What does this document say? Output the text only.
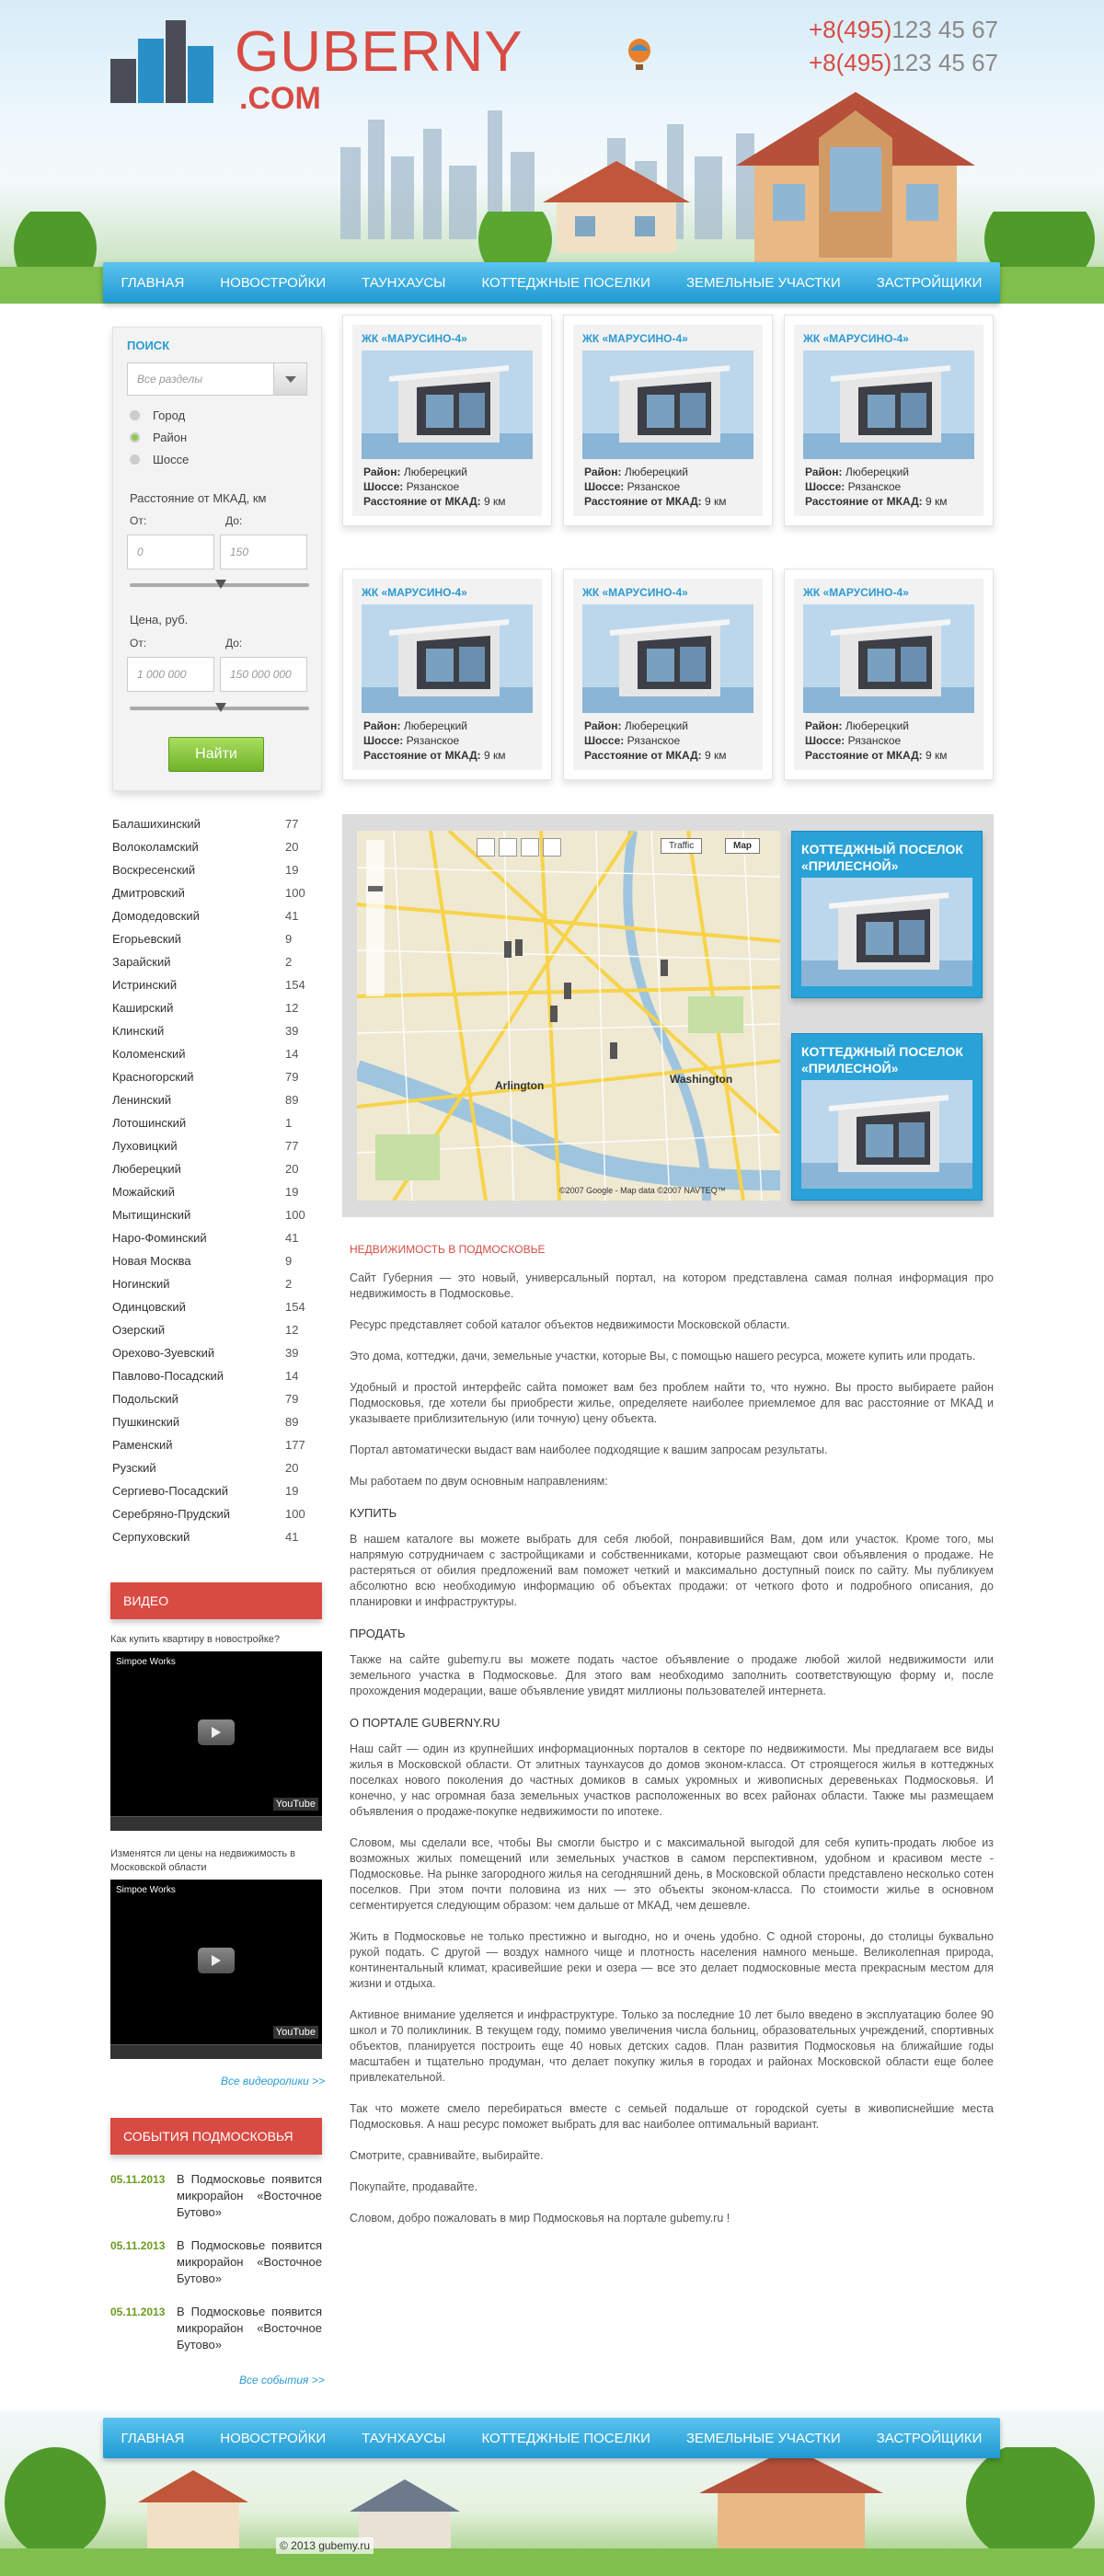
GUBERNY
.COM
+8(495)123 45 67
+8(495)123 45 67
ГЛАВНАЯ	НОВОСТРОЙКИ	ТАУНХАУСЫ	КОТТЕДЖНЫЕ ПОСЕЛКИ	ЗЕМЕЛЬНЫЕ УЧАСТКИ	ЗАСТРОЙЩИКИ
ПОИСК
Все разделы
Город
Район
Шоссе
Расстояние от МКАД, км
От:	До:
0	150
Цена, руб.
От:	До:
1 000 000	150 000 000
Найти
ЖК «МАРУСИНО-4»
Район: Люберецкий
Шоссе: Рязанское
Расстояние от МКАД: 9 км
ЖК «МАРУСИНО-4»
Район: Люберецкий
Шоссе: Рязанское
Расстояние от МКАД: 9 км
ЖК «МАРУСИНО-4»
Район: Люберецкий
Шоссе: Рязанское
Расстояние от МКАД: 9 км
ЖК «МАРУСИНО-4»
Район: Люберецкий
Шоссе: Рязанское
Расстояние от МКАД: 9 км
ЖК «МАРУСИНО-4»
Район: Люберецкий
Шоссе: Рязанское
Расстояние от МКАД: 9 км
ЖК «МАРУСИНО-4»
Район: Люберецкий
Шоссе: Рязанское
Расстояние от МКАД: 9 км
Балашихинский	77
Волоколамский	20
Воскресенский	19
Дмитровский	100
Домодедовский	41
Егорьевский	9
Зарайский	2
Истринский	154
Каширский	12
Клинский	39
Коломенский	14
Красногорский	79
Ленинский	89
Лотошинский	1
Луховицкий	77
Люберецкий	20
Можайский	19
Мытищинский	100
Наро-Фоминский	41
Новая Москва	9
Ногинский	2
Одинцовский	154
Озерский	12
Орехово-Зуевский	39
Павлово-Посадский	14
Подольский	79
Пушкинский	89
Раменский	177
Рузский	20
Сергиево-Посадский	19
Серебряно-Прудский	100
Серпуховский	41
Traffic	Map
Arlington	Washington
©2007 Google - Map data ©2007 NAVTEQ™
КОТТЕДЖНЫЙ ПОСЕЛОК «ПРИЛЕСНОЙ»
КОТТЕДЖНЫЙ ПОСЕЛОК «ПРИЛЕСНОЙ»
НЕДВИЖИМОСТЬ В ПОДМОСКОВЬЕ

Сайт Губерния — это новый, универсальный портал, на котором представлена самая полная информация про недвижимость в Подмосковье.

Ресурс представляет собой каталог объектов недвижимости Московской области.

Это дома, коттеджи, дачи, земельные участки, которые Вы, с помощью нашего ресурса, можете купить или продать.

Удобный и простой интерфейс сайта поможет вам без проблем найти то, что нужно. Вы просто выбираете район Подмосковья, где хотели бы приобрести жилье, определяете наиболее приемлемое для вас расстояние от МКАД и указываете приблизительную (или точную) цену объекта.

Портал автоматически выдаст вам наиболее подходящие к вашим запросам результаты.

Мы работаем по двум основным направлениям:

КУПИТЬ

В нашем каталоге вы можете выбрать для себя любой, понравившийся Вам, дом или участок. Кроме того, мы напрямую сотрудничаем с застройщиками и собственниками, которые размещают свои объявления о продаже. Не растеряться от обилия предложений вам поможет четкий и максимально доступный поиск по сайту. Мы публикуем абсолютно всю необходимую информацию об объектах продажи: от четкого фото и подробного описания, до планировки и инфраструктуры.

ПРОДАТЬ

Также на сайте gubemy.ru вы можете подать частое объявление о продаже любой жилой недвижимости или земельного участка в Подмосковье. Для этого вам необходимо заполнить соответствующую форму и, после прохождения модерации, ваше объявление увидят миллионы пользователей интернета.

О ПОРТАЛЕ GUBERNY.RU

Наш сайт — один из крупнейших информационных порталов в секторе по недвижимости. Мы предлагаем все виды жилья в Московской области. От элитных таунхаусов до домов эконом-класса. От строящегося жилья в коттеджных поселках нового поколения до частных домиков в самых укромных и живописных деревеньках Подмосковья. И конечно, у нас огромная база земельных участков расположенных во всех районах области. Также мы размещаем объявления о продаже-покупке недвижимости по ипотеке.

Словом, мы сделали все, чтобы Вы смогли быстро и с максимальной выгодой для себя купить-продать любое из возможных жилых помещений или земельных участков в самом перспективном, удобном и красивом месте - Подмосковье. На рынке загородного жилья на сегодняшний день, в Московской области представлено несколько сотен поселков. При этом почти половина из них — это объекты эконом-класса. По стоимости жилье в основном сегментируется следующим образом: чем дальше от МКАД, чем дешевле.

Жить в Подмосковье не только престижно и выгодно, но и очень удобно. С одной стороны, до столицы буквально рукой подать. С другой — воздух намного чище и плотность населения намного меньше. Великолепная природа, континентальный климат, красивейшие реки и озера — все это делает подмосковные места прекрасным местом для жизни и отдыха.

Активное внимание уделяется и инфраструктуре. Только за последние 10 лет было введено в эксплуатацию более 90 школ и 70 поликлиник. В текущем году, помимо увеличения числа больниц, образовательных учреждений, спортивных объектов, планируется построить еще 40 новых детских садов. План развития Подмосковья на ближайшие годы масштабен и тщательно продуман, что делает покупку жилья в городах и районах Московской области еще более привлекательной.

Так что можете смело перебираться вместе с семьей подальше от городской суеты в живописнейшие места Подмосковья. А наш ресурс поможет выбрать для вас наиболее оптимальный вариант.

Смотрите, сравнивайте, выбирайте.

Покупайте, продавайте.

Словом, добро пожаловать в мир Подмосковья на портале gubemy.ru !

ВИДЕО
Как купить квартиру в новостройке?
Simpoe Works
YouTube
Изменятся ли цены на недвижимость в Московской области
Simpoe Works
YouTube
Все видеоролики >>
СОБЫТИЯ ПОДМОСКОВЬЯ
05.11.2013 В Подмосковье появится микрорайон «Восточное Бутово»
05.11.2013 В Подмосковье появится микрорайон «Восточное Бутово»
05.11.2013 В Подмосковье появится микрорайон «Восточное Бутово»
Все события >>
ГЛАВНАЯ	НОВОСТРОЙКИ	ТАУНХАУСЫ	КОТТЕДЖНЫЕ ПОСЕЛКИ	ЗЕМЕЛЬНЫЕ УЧАСТКИ	ЗАСТРОЙЩИКИ
© 2013 gubemy.ru
